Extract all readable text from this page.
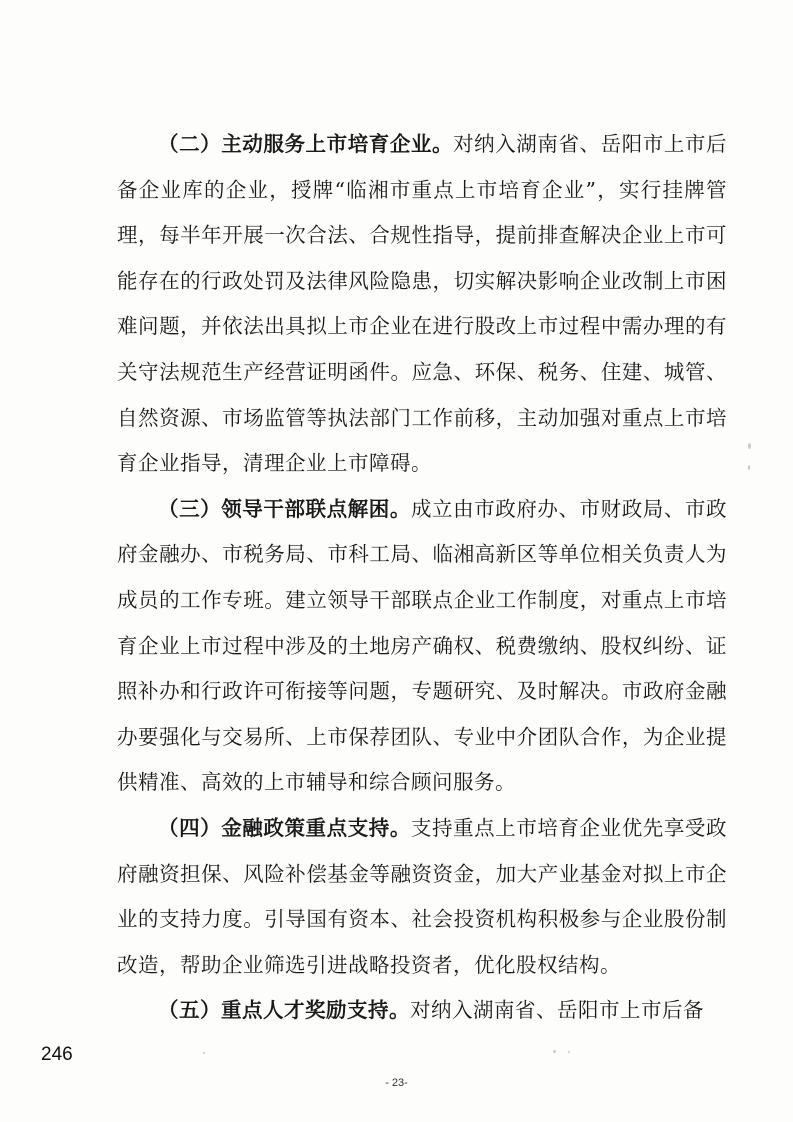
（二）主动服务上市培育企业。对纳入湖南省、岳阳市上市后备企业库的企业，授牌“临湘市重点上市培育企业”，实行挂牌管理，每半年开展一次合法、合规性指导，提前排查解决企业上市可能存在的行政处罚及法律风险隐患，切实解决影响企业改制上市困难问题，并依法出具拟上市企业在进行股改上市过程中需办理的有关守法规范生产经营证明函件。应急、环保、税务、住建、城管、自然资源、市场监管等执法部门工作前移，主动加强对重点上市培育企业指导，清理企业上市障碍。

（三）领导干部联点解困。成立由市政府办、市财政局、市政府金融办、市税务局、市科工局、临湘高新区等单位相关负责人为成员的工作专班。建立领导干部联点企业工作制度，对重点上市培育企业上市过程中涉及的土地房产确权、税费缴纳、股权纠纷、证照补办和行政许可衔接等问题，专题研究、及时解决。市政府金融办要强化与交易所、上市保荐团队、专业中介团队合作，为企业提供精准、高效的上市辅导和综合顾问服务。

（四）金融政策重点支持。支持重点上市培育企业优先享受政府融资担保、风险补偿基金等融资资金，加大产业基金对拟上市企业的支持力度。引导国有资本、社会投资机构积极参与企业股份制改造，帮助企业筛选引进战略投资者，优化股权结构。

（五）重点人才奖励支持。对纳入湖南省、岳阳市上市后备

246
- 23-
